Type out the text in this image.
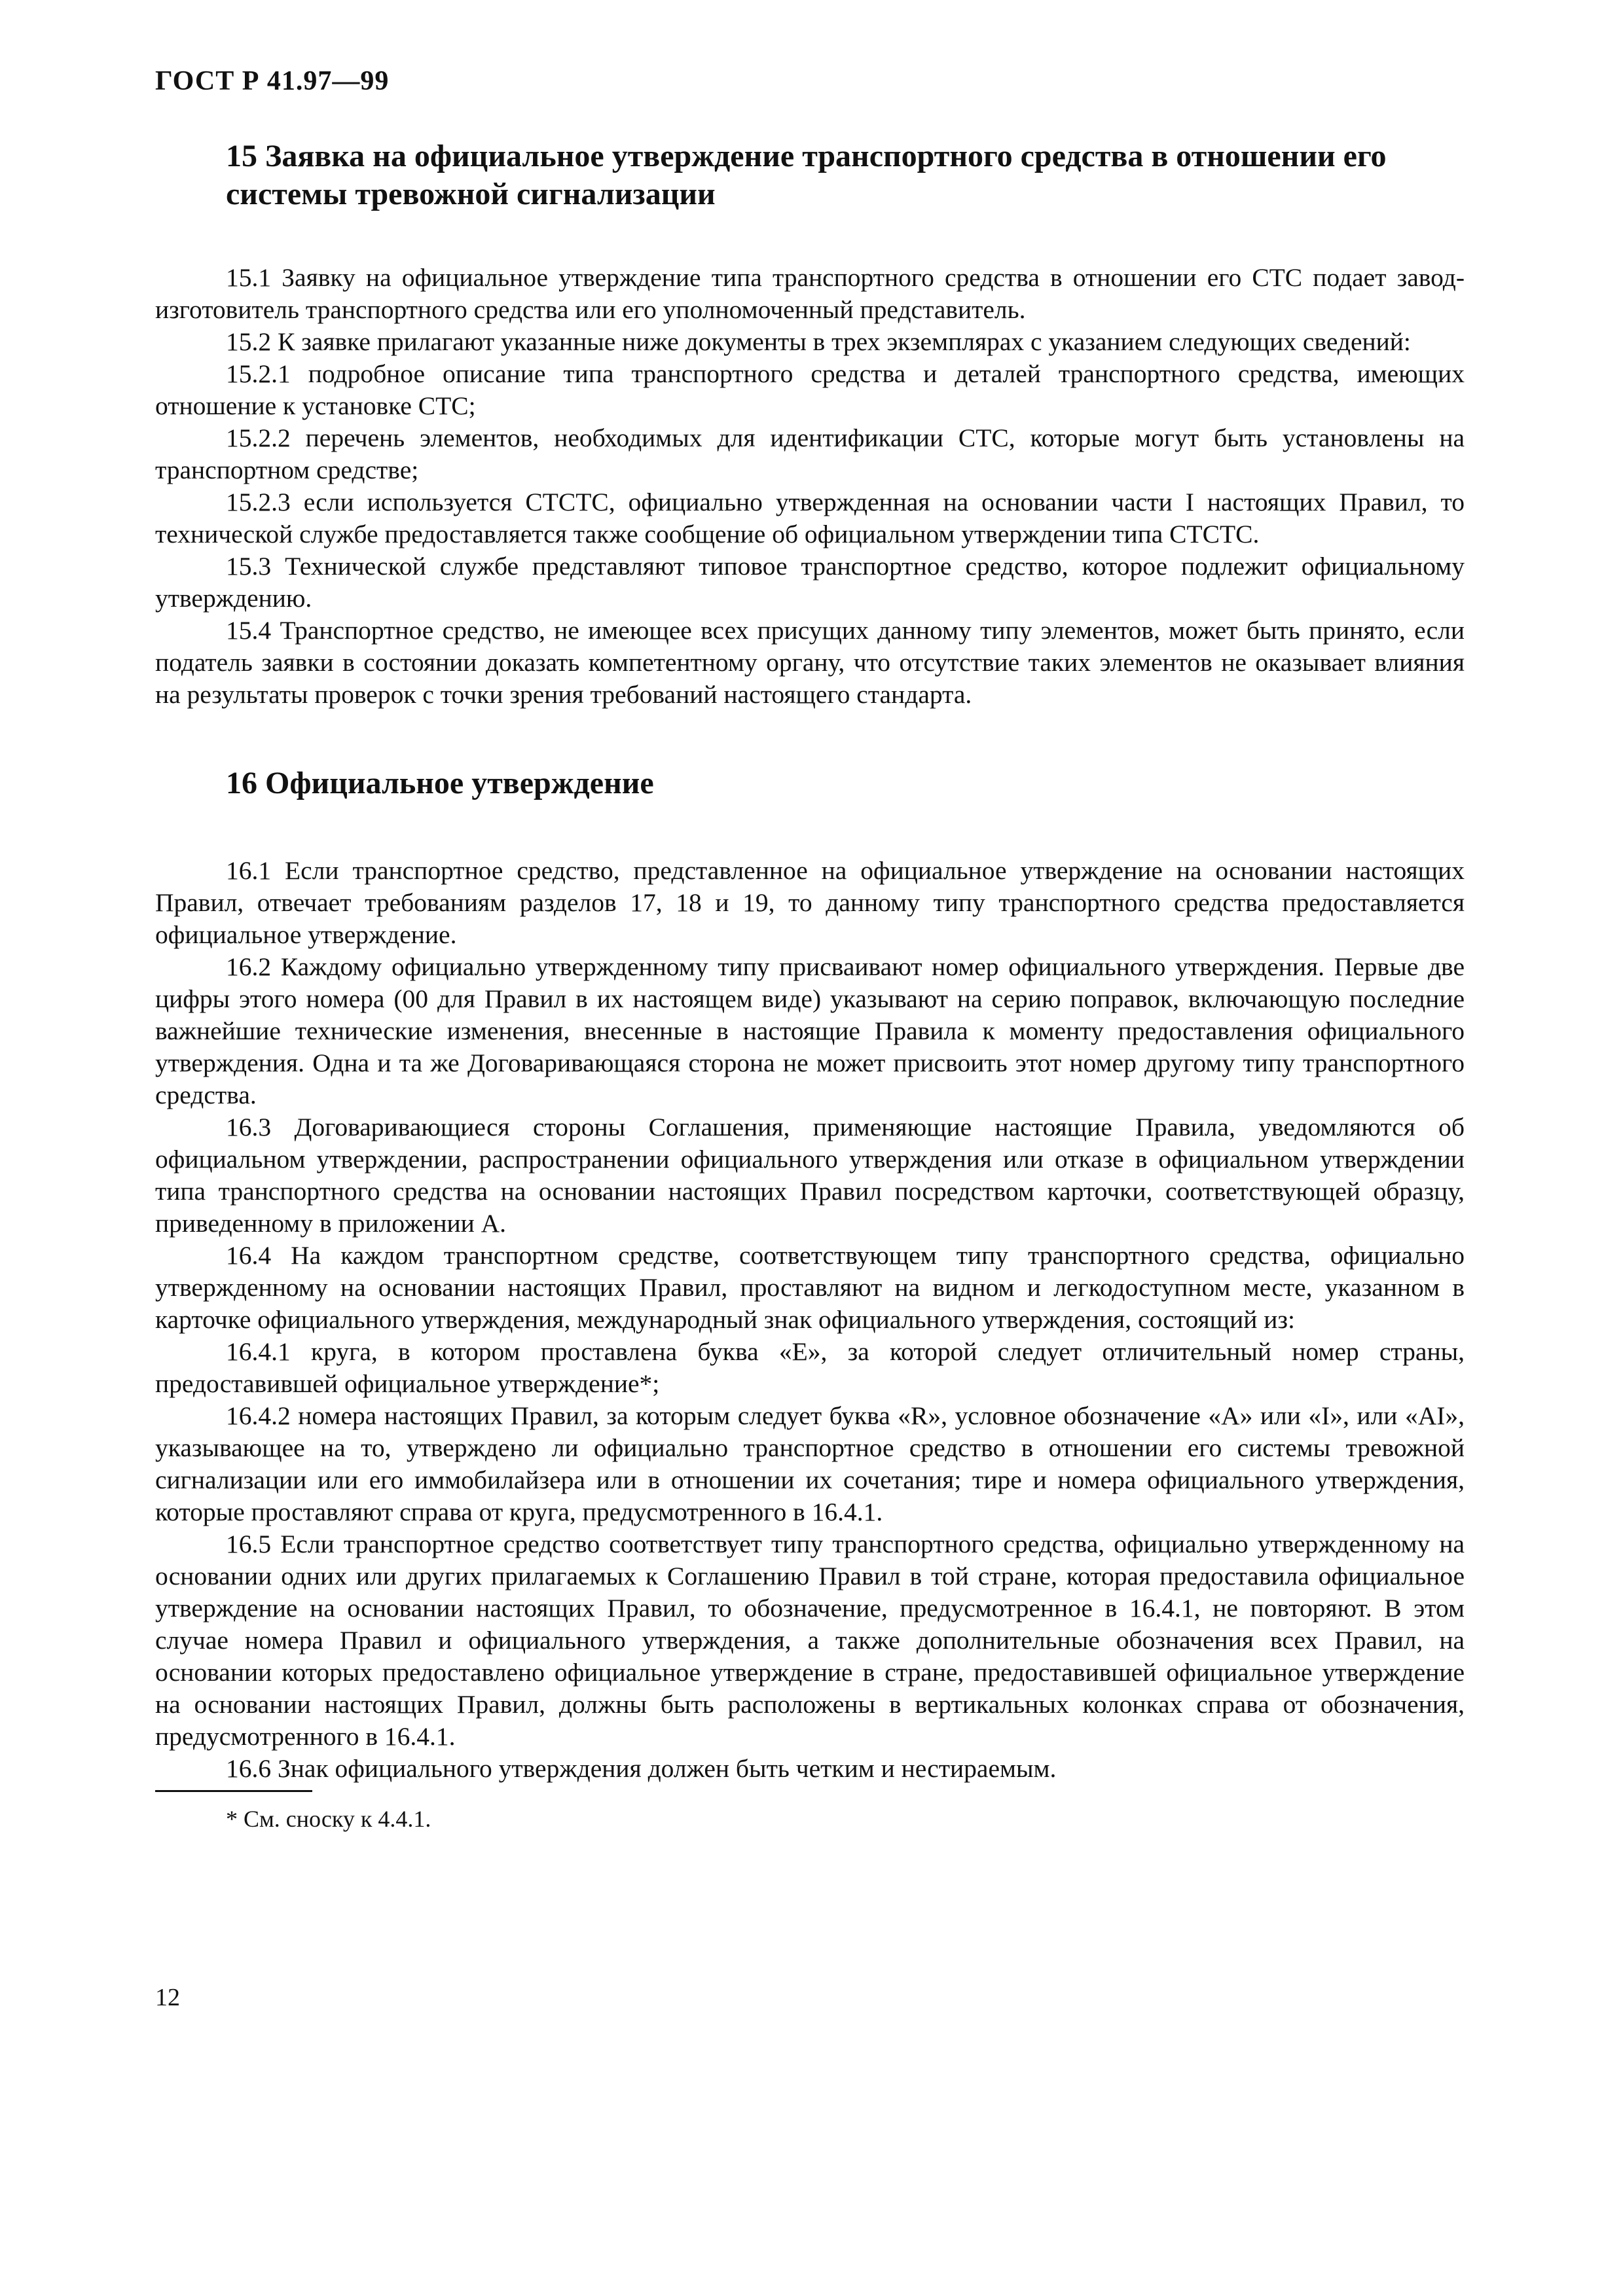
ГОСТ Р 41.97—99
15 Заявка на официальное утверждение транспортного средства в отношении его системы тревожной сигнализации

15.1 Заявку на официальное утверждение типа транспортного средства в отношении его СТС подает завод-изготовитель транспортного средства или его уполномоченный представитель.

15.2 К заявке прилагают указанные ниже документы в трех экземплярах с указанием следующих сведений:

15.2.1 подробное описание типа транспортного средства и деталей транспортного средства, имеющих отношение к установке СТС;

15.2.2 перечень элементов, необходимых для идентификации СТС, которые могут быть установлены на транспортном средстве;

15.2.3 если используется СТСТС, официально утвержденная на основании части I настоящих Правил, то технической службе предоставляется также сообщение об официальном утверждении типа СТСТС.

15.3 Технической службе представляют типовое транспортное средство, которое подлежит официальному утверждению.

15.4 Транспортное средство, не имеющее всех присущих данному типу элементов, может быть принято, если податель заявки в состоянии доказать компетентному органу, что отсутствие таких элементов не оказывает влияния на результаты проверок с точки зрения требований настоящего стандарта.

16 Официальное утверждение

16.1 Если транспортное средство, представленное на официальное утверждение на основании настоящих Правил, отвечает требованиям разделов 17, 18 и 19, то данному типу транспортного средства предоставляется официальное утверждение.

16.2 Каждому официально утвержденному типу присваивают номер официального утверждения. Первые две цифры этого номера (00 для Правил в их настоящем виде) указывают на серию поправок, включающую последние важнейшие технические изменения, внесенные в настоящие Правила к моменту предоставления официального утверждения. Одна и та же Договаривающаяся сторона не может присвоить этот номер другому типу транспортного средства.

16.3 Договаривающиеся стороны Соглашения, применяющие настоящие Правила, уведомляются об официальном утверждении, распространении официального утверждения или отказе в официальном утверждении типа транспортного средства на основании настоящих Правил посредством карточки, соответствующей образцу, приведенному в приложении А.

16.4 На каждом транспортном средстве, соответствующем типу транспортного средства, официально утвержденному на основании настоящих Правил, проставляют на видном и легкодоступном месте, указанном в карточке официального утверждения, международный знак официального утверждения, состоящий из:

16.4.1 круга, в котором проставлена буква «E», за которой следует отличительный номер страны, предоставившей официальное утверждение*;

16.4.2 номера настоящих Правил, за которым следует буква «R», условное обозначение «A» или «I», или «AI», указывающее на то, утверждено ли официально транспортное средство в отношении его системы тревожной сигнализации или его иммобилайзера или в отношении их сочетания; тире и номера официального утверждения, которые проставляют справа от круга, предусмотренного в 16.4.1.

16.5 Если транспортное средство соответствует типу транспортного средства, официально утвержденному на основании одних или других прилагаемых к Соглашению Правил в той стране, которая предоставила официальное утверждение на основании настоящих Правил, то обозначение, предусмотренное в 16.4.1, не повторяют. В этом случае номера Правил и официального утверждения, а также дополнительные обозначения всех Правил, на основании которых предоставлено официальное утверждение в стране, предоставившей официальное утверждение на основании настоящих Правил, должны быть расположены в вертикальных колонках справа от обозначения, предусмотренного в 16.4.1.

16.6 Знак официального утверждения должен быть четким и нестираемым.

* См. сноску к 4.4.1.

12
